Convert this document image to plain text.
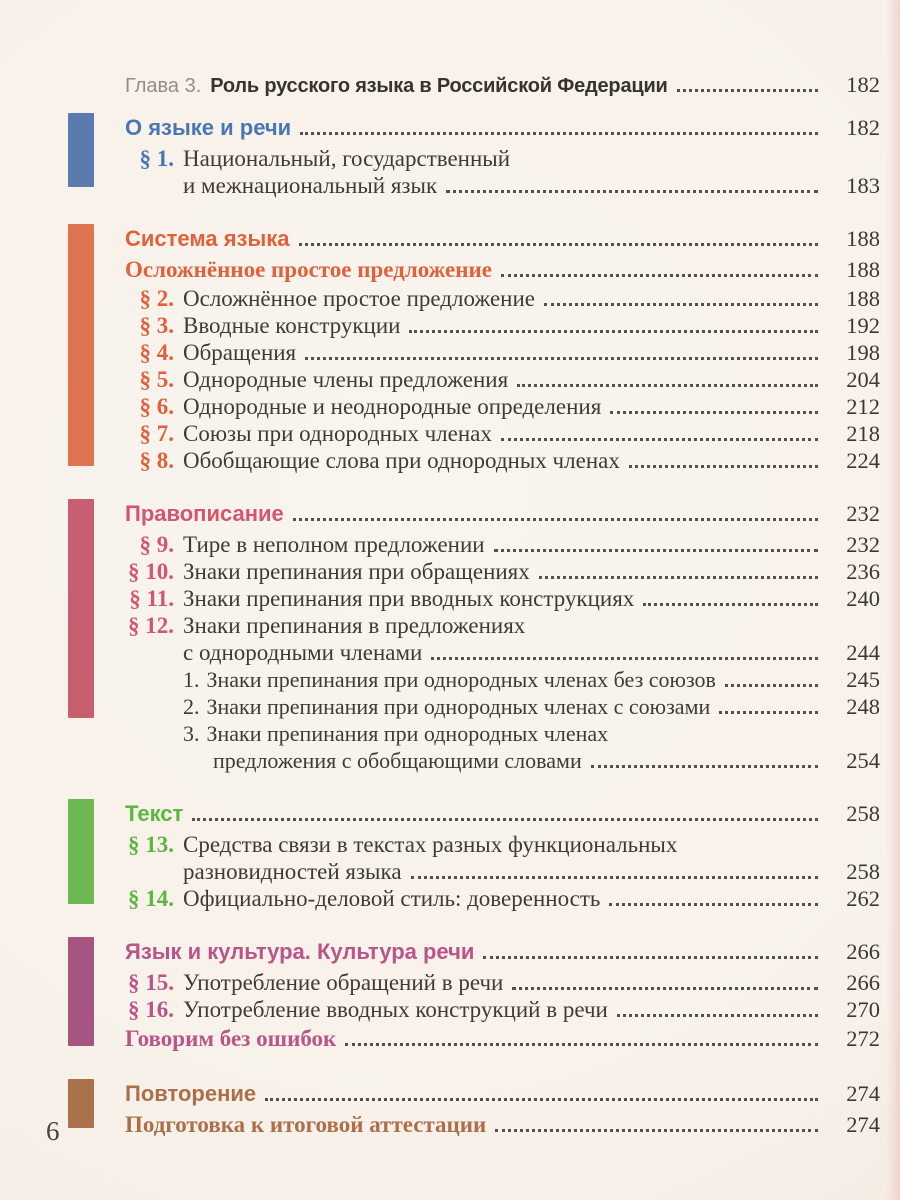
Глава 3. Роль русского языка в Российской Федерации	182
О языке и речи	182
§ 1. Национальный, государственный
и межнациональный язык	183
Система языка	188
Осложнённое простое предложение	188
§ 2. Осложнённое простое предложение	188
§ 3. Вводные конструкции	192
§ 4. Обращения	198
§ 5. Однородные члены предложения	204
§ 6. Однородные и неоднородные определения	212
§ 7. Союзы при однородных членах	218
§ 8. Обобщающие слова при однородных членах	224
Правописание	232
§ 9. Тире в неполном предложении	232
§ 10. Знаки препинания при обращениях	236
§ 11. Знаки препинания при вводных конструкциях	240
§ 12. Знаки препинания в предложениях
с однородными членами	244
1. Знаки препинания при однородных членах без союзов	245
2. Знаки препинания при однородных членах с союзами	248
3. Знаки препинания при однородных членах
предложения с обобщающими словами	254
Текст	258
§ 13. Средства связи в текстах разных функциональных
разновидностей языка	258
§ 14. Официально-деловой стиль: доверенность	262
Язык и культура. Культура речи	266
§ 15. Употребление обращений в речи	266
§ 16. Употребление вводных конструкций в речи	270
Говорим без ошибок	272
Повторение	274
Подготовка к итоговой аттестации	274
6
